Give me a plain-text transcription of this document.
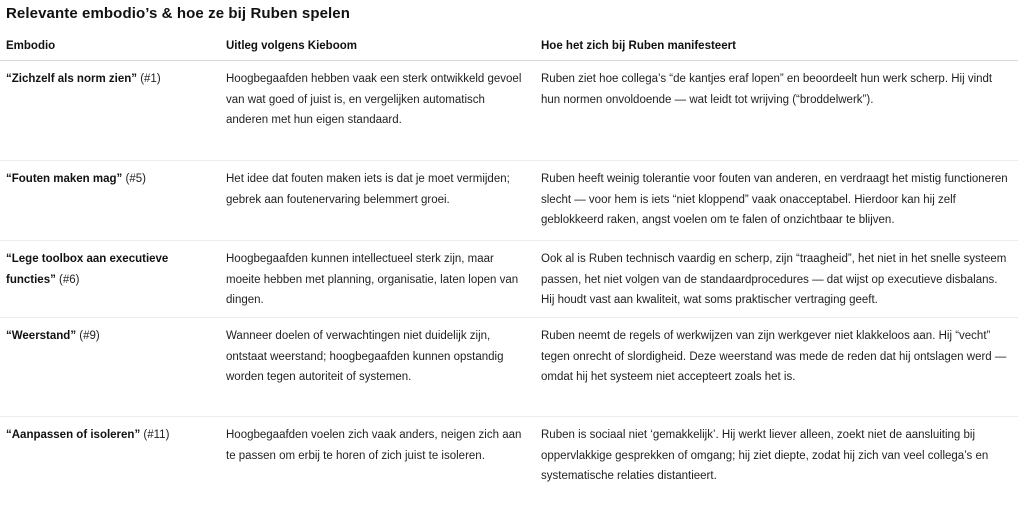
Relevante embodio’s & hoe ze bij Ruben spelen
Embodio	Uitleg volgens Kieboom	Hoe het zich bij Ruben manifesteert
“Zichzelf als norm zien” (#1)	Hoogbegaafden hebben vaak een sterk ontwikkeld gevoel van wat goed of juist is, en vergelijken automatisch anderen met hun eigen standaard.	Ruben ziet hoe collega’s “de kantjes eraf lopen” en beoordeelt hun werk scherp. Hij vindt hun normen onvoldoende — wat leidt tot wrijving (“broddelwerk”).
“Fouten maken mag” (#5)	Het idee dat fouten maken iets is dat je moet vermijden; gebrek aan foutenervaring belemmert groei.	Ruben heeft weinig tolerantie voor fouten van anderen, en verdraagt het mistig functioneren slecht — voor hem is iets “niet kloppend” vaak onacceptabel. Hierdoor kan hij zelf geblokkeerd raken, angst voelen om te falen of onzichtbaar te blijven.
“Lege toolbox aan executieve functies” (#6)	Hoogbegaafden kunnen intellectueel sterk zijn, maar moeite hebben met planning, organisatie, laten lopen van dingen.	Ook al is Ruben technisch vaardig en scherp, zijn “traagheid”, het niet in het snelle systeem passen, het niet volgen van de standaardprocedures — dat wijst op executieve disbalans. Hij houdt vast aan kwaliteit, wat soms praktischer vertraging geeft.
“Weerstand” (#9)	Wanneer doelen of verwachtingen niet duidelijk zijn, ontstaat weerstand; hoogbegaafden kunnen opstandig worden tegen autoriteit of systemen.	Ruben neemt de regels of werkwijzen van zijn werkgever niet klakkeloos aan. Hij “vecht” tegen onrecht of slordigheid. Deze weerstand was mede de reden dat hij ontslagen werd — omdat hij het systeem niet accepteert zoals het is.
“Aanpassen of isoleren” (#11)	Hoogbegaafden voelen zich vaak anders, neigen zich aan te passen om erbij te horen of zich juist te isoleren.	Ruben is sociaal niet ‘gemakkelijk’. Hij werkt liever alleen, zoekt niet de aansluiting bij oppervlakkige gesprekken of omgang; hij ziet diepte, zodat hij zich van veel collega’s en systematische relaties distantieert.
